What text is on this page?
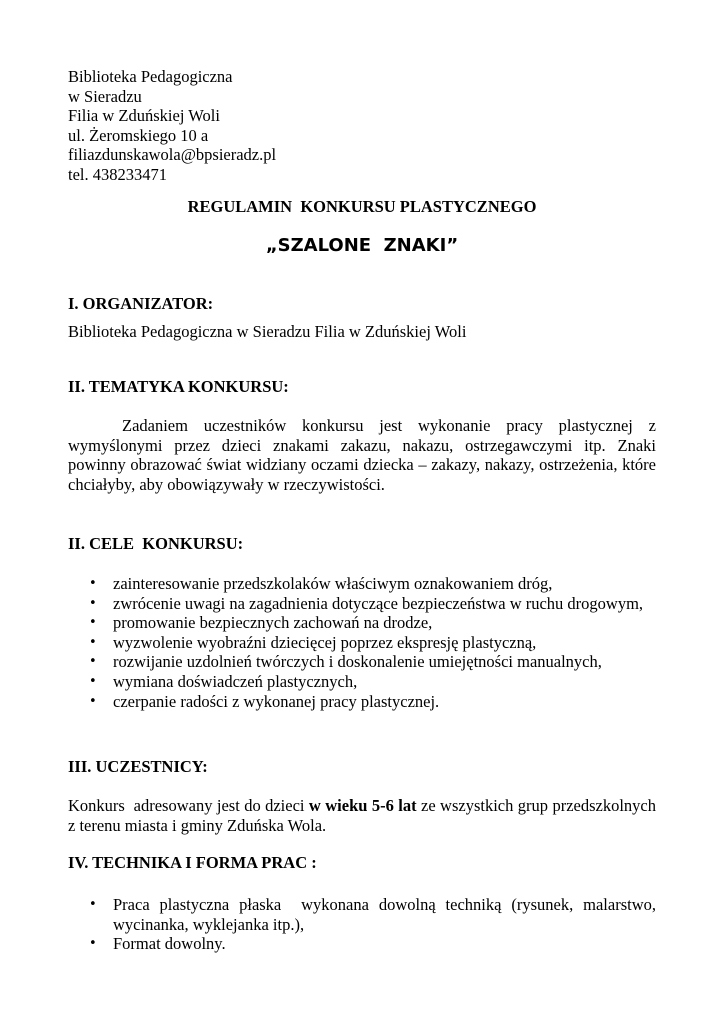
Biblioteka Pedagogiczna
w Sieradzu
Filia w Zduńskiej Woli
ul. Żeromskiego 10 a
filiazdunskawola@bpsieradz.pl
tel. 438233471
REGULAMIN  KONKURSU PLASTYCZNEGO
„SZALONE  ZNAKI”
I. ORGANIZATOR:
Biblioteka Pedagogiczna w Sieradzu Filia w Zduńskiej Woli
II. TEMATYKA KONKURSU:
Zadaniem uczestników konkursu jest wykonanie pracy plastycznej z wymyślonymi przez dzieci znakami zakazu, nakazu, ostrzegawczymi itp. Znaki powinny obrazować świat widziany oczami dziecka – zakazy, nakazy, ostrzeżenia, które chciałyby, aby obowiązywały w rzeczywistości.
II. CELE  KONKURSU:
• zainteresowanie przedszkolaków właściwym oznakowaniem dróg,
• zwrócenie uwagi na zagadnienia dotyczące bezpieczeństwa w ruchu drogowym,
• promowanie bezpiecznych zachowań na drodze,
• wyzwolenie wyobraźni dziecięcej poprzez ekspresję plastyczną,
• rozwijanie uzdolnień twórczych i doskonalenie umiejętności manualnych,
• wymiana doświadczeń plastycznych,
• czerpanie radości z wykonanej pracy plastycznej.
III. UCZESTNICY:
Konkurs  adresowany jest do dzieci w wieku 5-6 lat ze wszystkich grup przedszkolnych z terenu miasta i gminy Zduńska Wola.
IV. TECHNIKA I FORMA PRAC :
• Praca plastyczna płaska  wykonana dowolną techniką (rysunek, malarstwo, wycinanka, wyklejanka itp.),
• Format dowolny.
